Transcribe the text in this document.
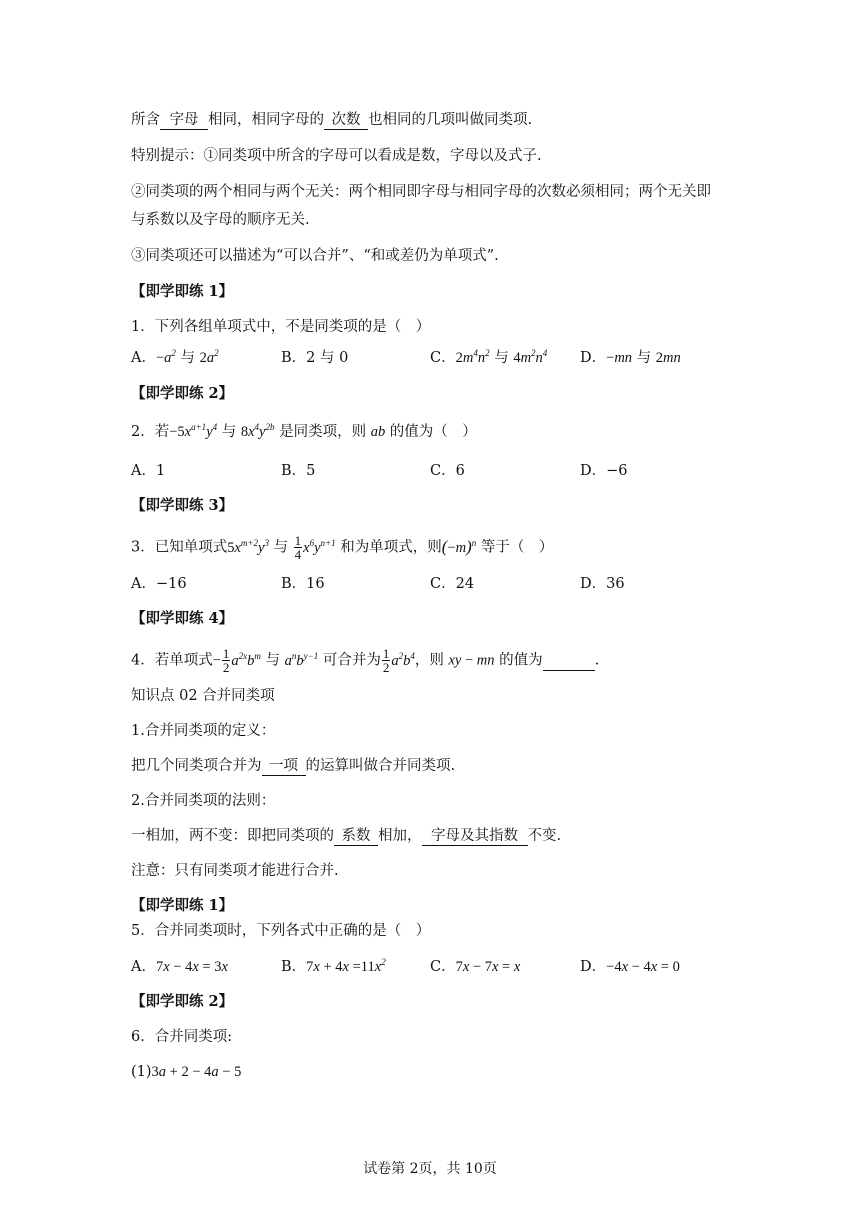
所含 字母 相同，相同字母的 次数 也相同的几项叫做同类项.
特别提示：①同类项中所含的字母可以看成是数，字母以及式子.
②同类项的两个相同与两个无关：两个相同即字母与相同字母的次数必须相同；两个无关即
与系数以及字母的顺序无关.
③同类项还可以描述为“可以合并”、“和或差仍为单项式”.
【即学即练 1】
1．下列各组单项式中，不是同类项的是（　）
A．$-a^2$ 与 $2a^2$	B．2 与 0	C．$2m^4n^2$ 与 $4m^2n^4$ D．−mn 与 2mn
【即学即练 2】
2．若$-5x^{a+1}y^4$ 与 $8x^4y^{2b}$ 是同类项，则 ab 的值为（　）
A．1	B．5	C．6	D．−6
【即学即练 3】
3．已知单项式$5x^{m+2}y^3$ 与 $\frac{1}{4} x^6y^{n+1}$ 和为单项式，则$(-m)^n$ 等于（　）
A．−16	B．16	C．24	D．36
【即学即练 4】
4．若单项式− $\frac{1}{2} a^{2x}b^m$ 与 $a^nb^{y-1}$ 可合并为 $\frac{1}{2} a^2b^4$，则 xy − mn 的值为	.
知识点 02 合并同类项
1.合并同类项的定义：
把几个同类项合并为 一项 的运算叫做合并同类项.
2.合并同类项的法则：
一相加，两不变：即把同类项的 系数 相加， 字母及其指数 不变.
注意：只有同类项才能进行合并.
【即学即练 1】
5．合并同类项时，下列各式中正确的是（　）
A．7x − 4x = 3x	B．$7x + 4x =11x^2$	C．7x − 7x = x	D．−4x − 4x = 0
【即学即练 2】
6．合并同类项:
(1)3a + 2 − 4a − 5
试卷第 2页，共 10页
